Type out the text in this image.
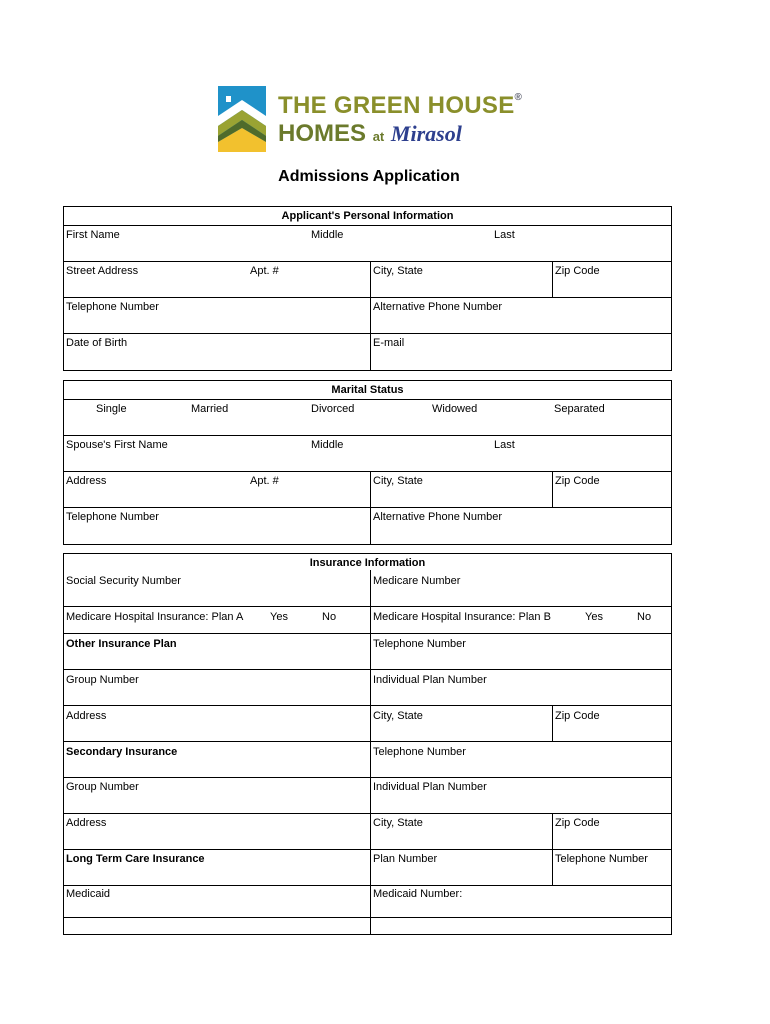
THE GREEN HOUSE®
HOMES at Mirasol
Admissions Application
Applicant's Personal Information
First Name	Middle	Last
Street Address	Apt. #	City, State	Zip Code
Telephone Number	Alternative Phone Number
Date of Birth	E-mail
Marital Status
Single	Married	Divorced	Widowed	Separated
Spouse's First Name	Middle	Last
Address	Apt. #	City, State	Zip Code
Telephone Number	Alternative Phone Number
Insurance Information
Social Security Number	Medicare Number
Medicare Hospital Insurance: Plan A Yes	No	Medicare Hospital Insurance: Plan B	Yes	No
Other Insurance Plan	Telephone Number
Group Number	Individual Plan Number
Address	City, State	Zip Code
Secondary Insurance	Telephone Number
Group Number	Individual Plan Number
Address	City, State	Zip Code
Long Term Care Insurance	Plan Number	Telephone Number
Medicaid	Medicaid Number:
